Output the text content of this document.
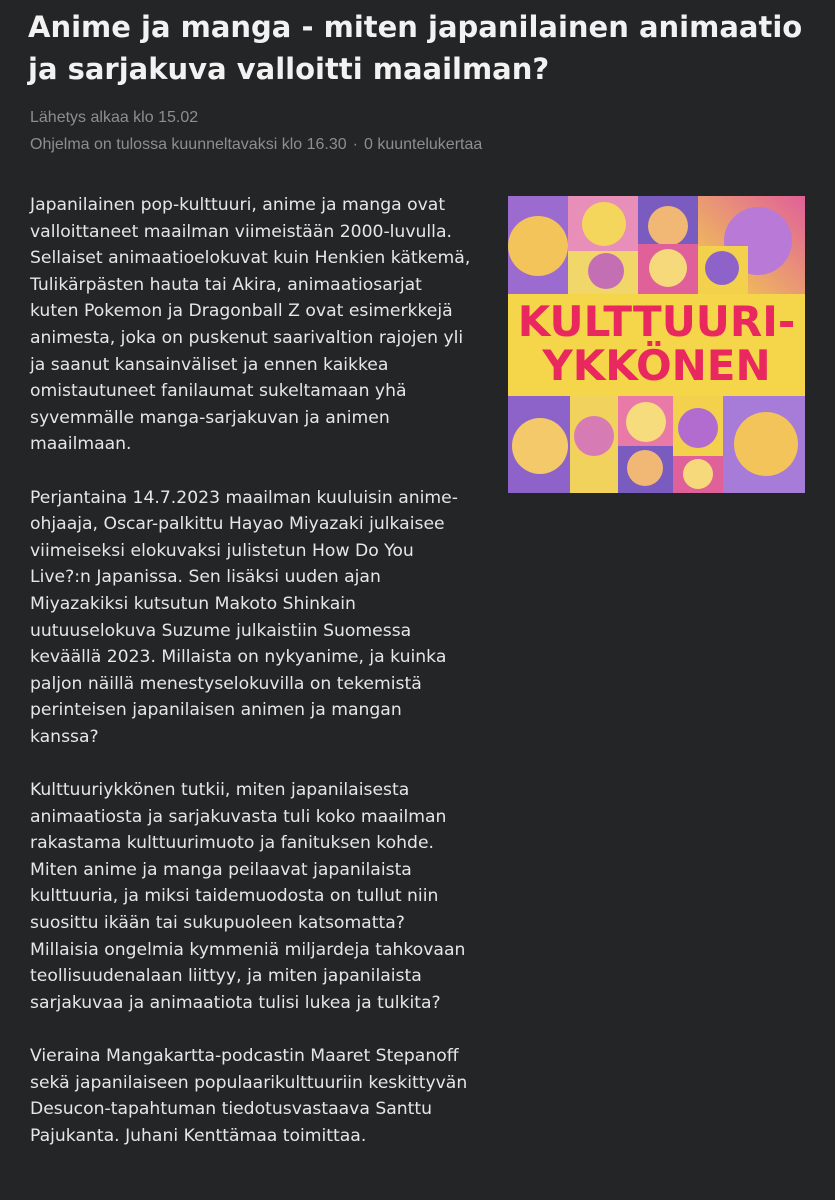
Anime ja manga - miten japanilainen animaatio ja sarjakuva valloitti maailman?
Lähetys alkaa klo 15.02
Ohjelma on tulossa kuunneltavaksi klo 16.30 · 0 kuuntelukertaa

Japanilainen pop-kulttuuri, anime ja manga ovat
valloittaneet maailman viimeistään 2000-luvulla.
Sellaiset animaatioelokuvat kuin Henkien kätkemä,
Tulikärpästen hauta tai Akira, animaatiosarjat
kuten Pokemon ja Dragonball Z ovat esimerkkejä
animesta, joka on puskenut saarivaltion rajojen yli
ja saanut kansainväliset ja ennen kaikkea
omistautuneet fanilaumat sukeltamaan yhä
syvemmälle manga-sarjakuvan ja animen
maailmaan.

Perjantaina 14.7.2023 maailman kuuluisin anime-
ohjaaja, Oscar-palkittu Hayao Miyazaki julkaisee
viimeiseksi elokuvaksi julistetun How Do You
Live?:n Japanissa. Sen lisäksi uuden ajan
Miyazakiksi kutsutun Makoto Shinkain
uutuuselokuva Suzume julkaistiin Suomessa
keväällä 2023. Millaista on nykyanime, ja kuinka
paljon näillä menestyselokuvilla on tekemistä
perinteisen japanilaisen animen ja mangan
kanssa?

Kulttuuriykkönen tutkii, miten japanilaisesta
animaatiosta ja sarjakuvasta tuli koko maailman
rakastama kulttuurimuoto ja fanituksen kohde.
Miten anime ja manga peilaavat japanilaista
kulttuuria, ja miksi taidemuodosta on tullut niin
suosittu ikään tai sukupuoleen katsomatta?
Millaisia ongelmia kymmeniä miljardeja tahkovaan
teollisuudenalaan liittyy, ja miten japanilaista
sarjakuvaa ja animaatiota tulisi lukea ja tulkita?

Vieraina Mangakartta-podcastin Maaret Stepanoff
sekä japanilaiseen populaarikulttuuriin keskittyvän
Desucon-tapahtuman tiedotusvastaava Santtu
Pajukanta. Juhani Kenttämaa toimittaa.

KULTTUURI-
YKKÖNEN
